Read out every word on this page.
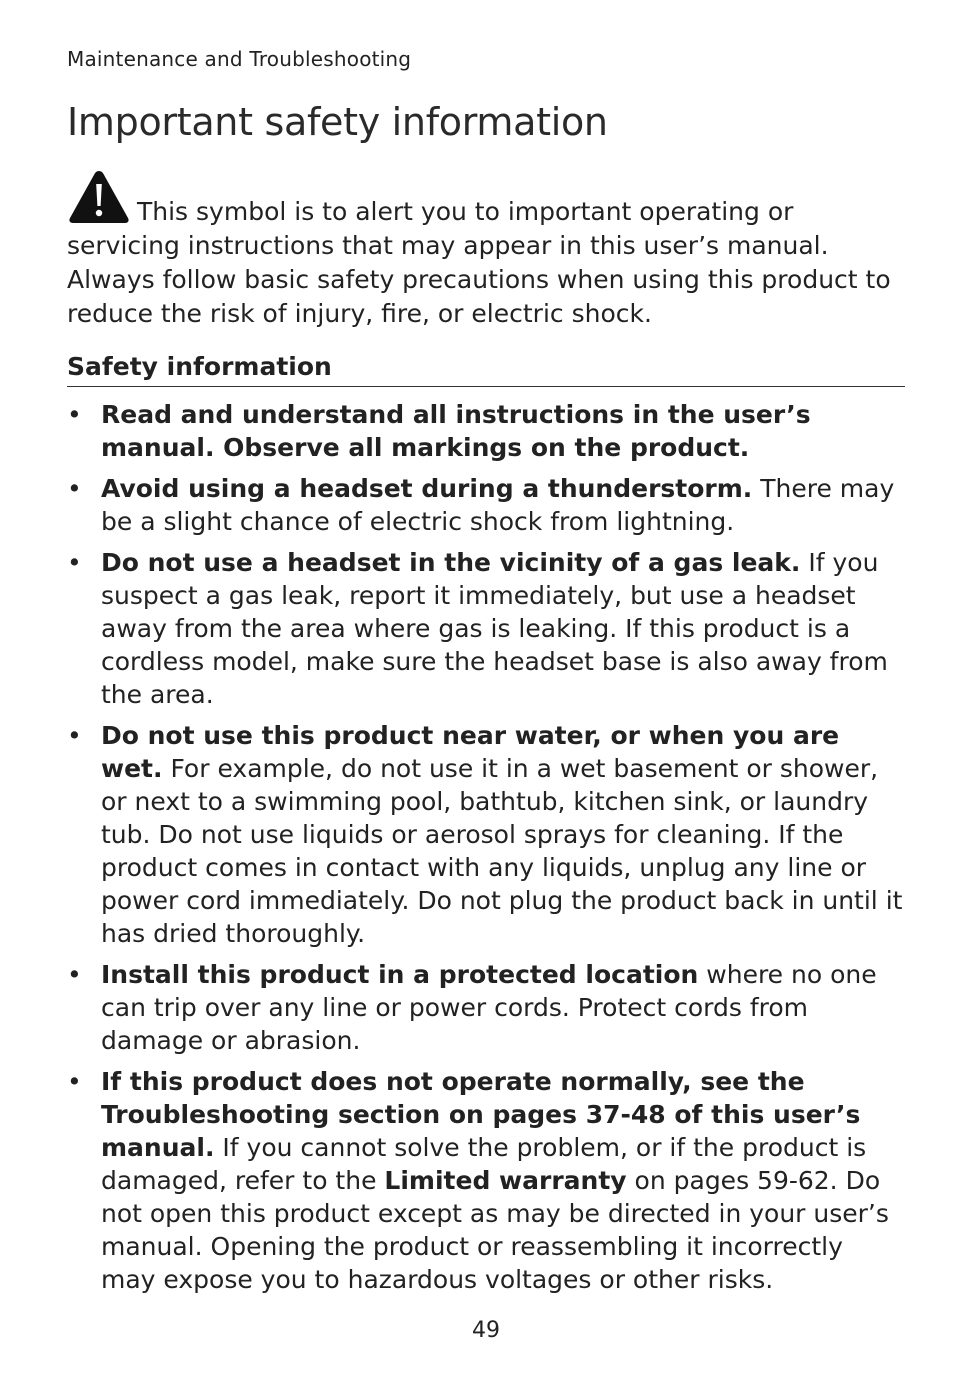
Maintenance and Troubleshooting
Important safety information
This symbol is to alert you to important operating or servicing instructions that may appear in this user’s manual. Always follow basic safety precautions when using this product to reduce the risk of injury, fire, or electric shock.
Safety information
• Read and understand all instructions in the user’s manual. Observe all markings on the product.
• Avoid using a headset during a thunderstorm. There may be a slight chance of electric shock from lightning.
• Do not use a headset in the vicinity of a gas leak. If you suspect a gas leak, report it immediately, but use a headset away from the area where gas is leaking. If this product is a cordless model, make sure the headset base is also away from the area.
• Do not use this product near water, or when you are wet. For example, do not use it in a wet basement or shower, or next to a swimming pool, bathtub, kitchen sink, or laundry tub. Do not use liquids or aerosol sprays for cleaning. If the product comes in contact with any liquids, unplug any line or power cord immediately. Do not plug the product back in until it has dried thoroughly.
• Install this product in a protected location where no one can trip over any line or power cords. Protect cords from damage or abrasion.
• If this product does not operate normally, see the Troubleshooting section on pages 37-48 of this user’s manual. If you cannot solve the problem, or if the product is damaged, refer to the Limited warranty on pages 59-62. Do not open this product except as may be directed in your user’s manual. Opening the product or reassembling it incorrectly may expose you to hazardous voltages or other risks.
49
